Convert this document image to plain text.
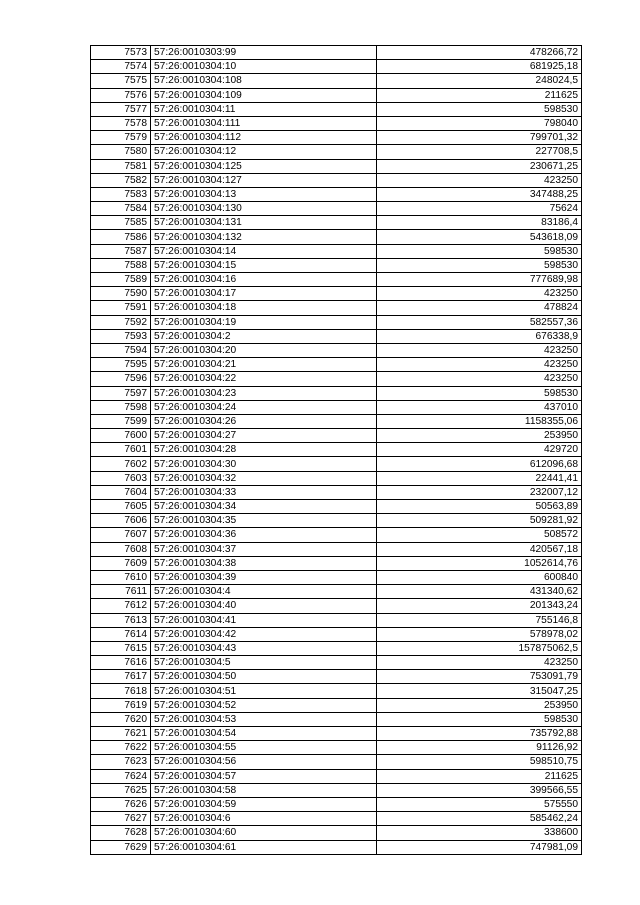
7573	57:26:0010303:99	478266,72
7574	57:26:0010304:10	681925,18
7575	57:26:0010304:108	248024,5
7576	57:26:0010304:109	211625
7577	57:26:0010304:11	598530
7578	57:26:0010304:111	798040
7579	57:26:0010304:112	799701,32
7580	57:26:0010304:12	227708,5
7581	57:26:0010304:125	230671,25
7582	57:26:0010304:127	423250
7583	57:26:0010304:13	347488,25
7584	57:26:0010304:130	75624
7585	57:26:0010304:131	83186,4
7586	57:26:0010304:132	543618,09
7587	57:26:0010304:14	598530
7588	57:26:0010304:15	598530
7589	57:26:0010304:16	777689,98
7590	57:26:0010304:17	423250
7591	57:26:0010304:18	478824
7592	57:26:0010304:19	582557,36
7593	57:26:0010304:2	676338,9
7594	57:26:0010304:20	423250
7595	57:26:0010304:21	423250
7596	57:26:0010304:22	423250
7597	57:26:0010304:23	598530
7598	57:26:0010304:24	437010
7599	57:26:0010304:26	1158355,06
7600	57:26:0010304:27	253950
7601	57:26:0010304:28	429720
7602	57:26:0010304:30	612096,68
7603	57:26:0010304:32	22441,41
7604	57:26:0010304:33	232007,12
7605	57:26:0010304:34	50563,89
7606	57:26:0010304:35	509281,92
7607	57:26:0010304:36	508572
7608	57:26:0010304:37	420567,18
7609	57:26:0010304:38	1052614,76
7610	57:26:0010304:39	600840
7611	57:26:0010304:4	431340,62
7612	57:26:0010304:40	201343,24
7613	57:26:0010304:41	755146,8
7614	57:26:0010304:42	578978,02
7615	57:26:0010304:43	157875062,5
7616	57:26:0010304:5	423250
7617	57:26:0010304:50	753091,79
7618	57:26:0010304:51	315047,25
7619	57:26:0010304:52	253950
7620	57:26:0010304:53	598530
7621	57:26:0010304:54	735792,88
7622	57:26:0010304:55	91126,92
7623	57:26:0010304:56	598510,75
7624	57:26:0010304:57	211625
7625	57:26:0010304:58	399566,55
7626	57:26:0010304:59	575550
7627	57:26:0010304:6	585462,24
7628	57:26:0010304:60	338600
7629	57:26:0010304:61	747981,09
